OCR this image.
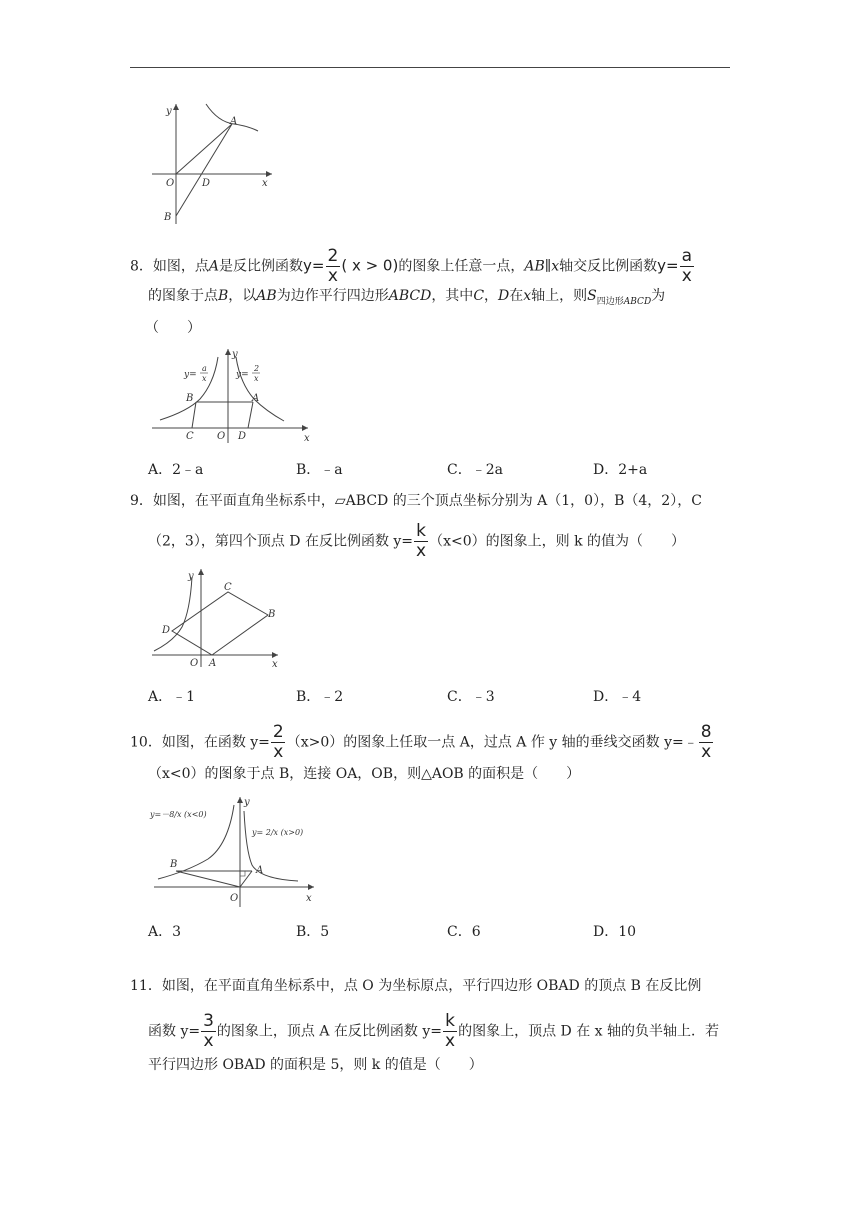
y
A
O	D	x
B
8．如图，点A是反比例函数$y= \frac{2}{x}$ ( x > 0)的图象上任意一点，AB∥x轴交反比例函数$y= \frac{a}{x}$
的图象于点B，以AB为边作平行四边形ABCD，其中C，D在x轴上，则$S_{四边形ABCD}$为
（　　）
y=
a
x	y=
2
x
y
B	A
C O D	x
A．2﹣a	B．﹣a	C．﹣2a	D．2+a
9．如图，在平面直角坐标系中，▱ABCD 的三个顶点坐标分别为 A（1，0），B（4，2），C
（2，3），第四个顶点 D 在反比例函数 $y= \frac{k}{x} (x<0)$的图象上，则 k 的值为（　　）
y
C
B
D
O A	x
A．﹣1	B．﹣2	C．﹣3	D．﹣4
10．如图，在函数 $y= \frac{2}{x} (x>0)$的图象上任取一点 A，过点 A 作 y 轴的垂线交函数 y=﹣ $\frac{8}{x}$
（x<0）的图象于点 B，连接 OA，OB，则△AOB 的面积是（　　）
y=－8/x (x<0)
y= 2/x (x>0)
y
B
A
O	x
A．3	B．5	C．6	D．10
11．如图，在平面直角坐标系中，点 O 为坐标原点，平行四边形 OBAD 的顶点 B 在反比例
函数 $y= \frac{3}{x}$ 的图象上，顶点 A 在反比例函数 $y= \frac{k}{x}$ 的图象上，顶点 D 在 x 轴的负半轴上．若
平行四边形 OBAD 的面积是 5，则 k 的值是（　　）
